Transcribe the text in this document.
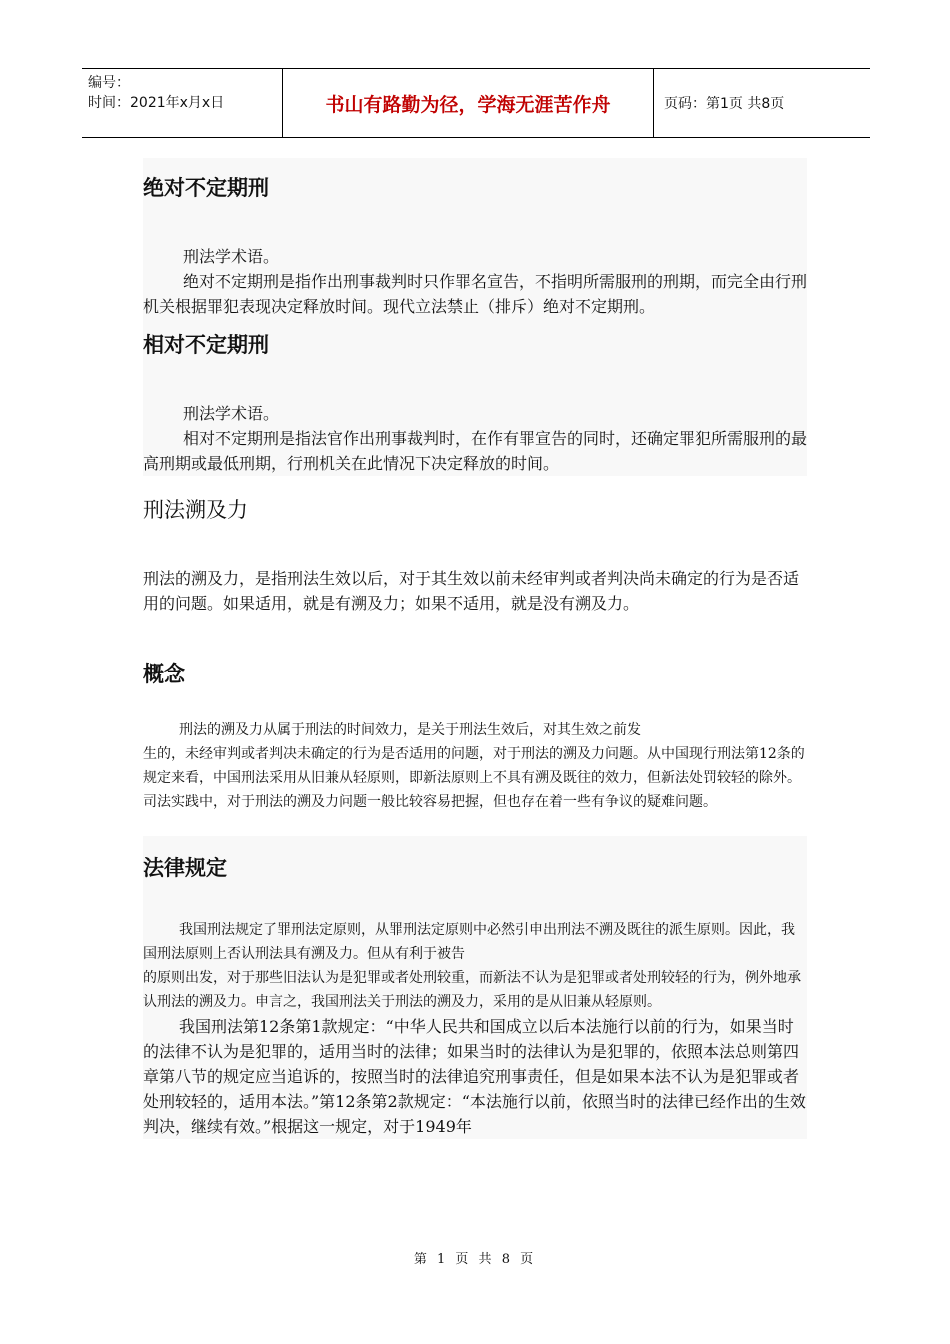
编号：
时间：2021年x月x日	书山有路勤为径，学海无涯苦作舟	页码：第1页 共8页
绝对不定期刑

刑法学术语。

绝对不定期刑是指作出刑事裁判时只作罪名宣告，不指明所需服刑的刑期，而完全由行刑机关根据罪犯表现决定释放时间。现代立法禁止（排斥）绝对不定期刑。

相对不定期刑

刑法学术语。

相对不定期刑是指法官作出刑事裁判时，在作有罪宣告的同时，还确定罪犯所需服刑的最高刑期或最低刑期，行刑机关在此情况下决定释放的时间。

刑法溯及力

刑法的溯及力，是指刑法生效以后，对于其生效以前未经审判或者判决尚未确定的行为是否适用的问题。如果适用，就是有溯及力；如果不适用，就是没有溯及力。

概念

刑法的溯及力从属于刑法的时间效力，是关于刑法生效后，对其生效之前发

生的，未经审判或者判决未确定的行为是否适用的问题，对于刑法的溯及力问题。从中国现行刑法第12条的规定来看，中国刑法采用从旧兼从轻原则，即新法原则上不具有溯及既往的效力，但新法处罚较轻的除外。司法实践中，对于刑法的溯及力问题一般比较容易把握，但也存在着一些有争议的疑难问题。

法律规定

我国刑法规定了罪刑法定原则，从罪刑法定原则中必然引申出刑法不溯及既往的派生原则。因此，我国刑法原则上否认刑法具有溯及力。但从有利于被告

的原则出发，对于那些旧法认为是犯罪或者处刑较重，而新法不认为是犯罪或者处刑较轻的行为，例外地承认刑法的溯及力。申言之，我国刑法关于刑法的溯及力，采用的是从旧兼从轻原则。

我国刑法第12条第1款规定：“中华人民共和国成立以后本法施行以前的行为，如果当时的法律不认为是犯罪的，适用当时的法律；如果当时的法律认为是犯罪的，依照本法总则第四章第八节的规定应当追诉的，按照当时的法律追究刑事责任，但是如果本法不认为是犯罪或者处刑较轻的，适用本法。”第12条第2款规定：“本法施行以前，依照当时的法律已经作出的生效判决，继续有效。”根据这一规定，对于1949年

第 1 页 共 8 页
